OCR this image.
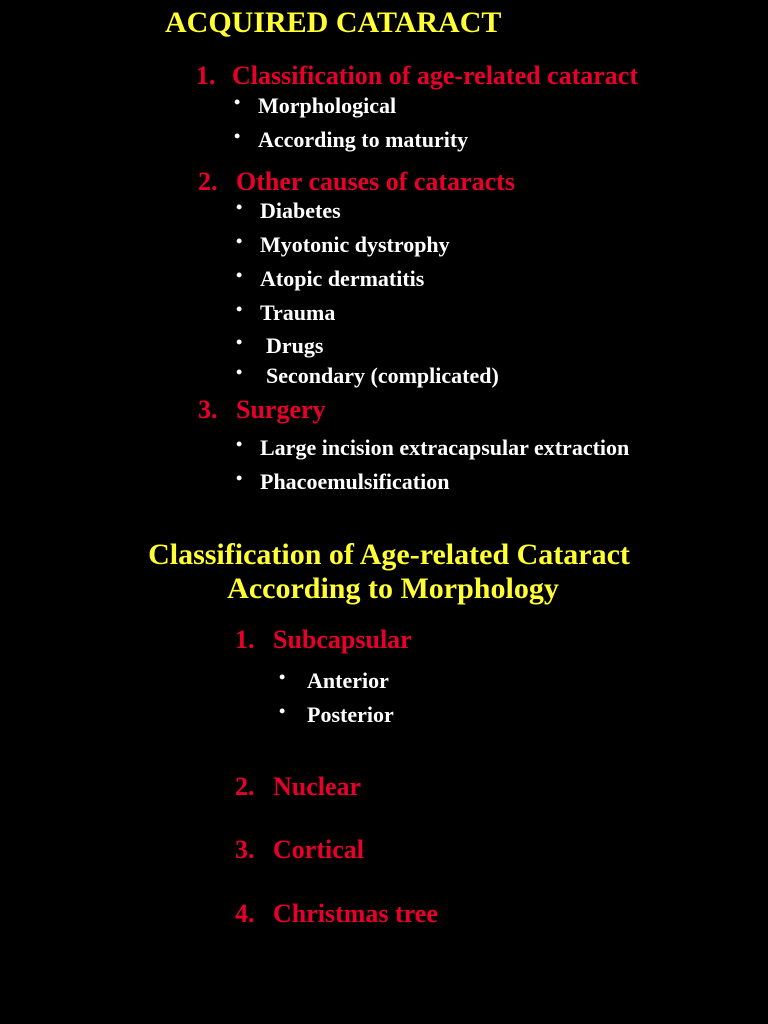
ACQUIRED CATARACT
1. Classification of age-related cataract
• Morphological
• According to maturity
2. Other causes of cataracts
• Diabetes
• Myotonic dystrophy
• Atopic dermatitis
• Trauma
• Drugs
• Secondary (complicated)
3. Surgery
• Large incision extracapsular extraction
• Phacoemulsification
Classification of Age-related Cataract
According to Morphology
1. Subcapsular
• Anterior
• Posterior
2. Nuclear
3. Cortical
4. Christmas tree
